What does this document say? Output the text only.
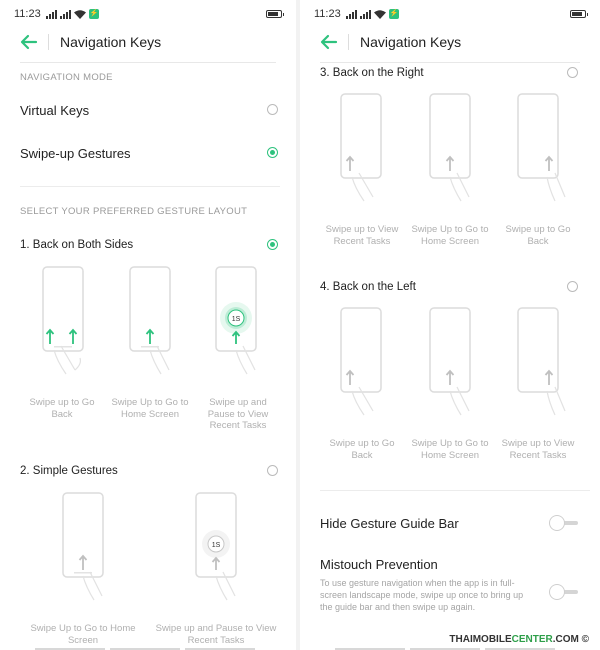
11:23	⚡
Navigation Keys
NAVIGATION MODE
Virtual Keys
Swipe-up Gestures
SELECT YOUR PREFERRED GESTURE LAYOUT
1. Back on Both Sides
1S
Swipe up to Go Back
Swipe Up to Go to Home Screen
Swipe up and Pause to View Recent Tasks
2. Simple Gestures
1S
Swipe Up to Go to Home Screen
Swipe up and Pause to View Recent Tasks
11:23	⚡
Navigation Keys
3. Back on the Right
Swipe up to View Recent Tasks
Swipe Up to Go to Home Screen
Swipe up to Go Back
4. Back on the Left
Swipe up to Go Back
Swipe Up to Go to Home Screen
Swipe up to View Recent Tasks
Hide Gesture Guide Bar
Mistouch Prevention
To use gesture navigation when the app is in full-screen landscape mode, swipe up once to bring up the guide bar and then swipe up again.
THAIMOBILECENTER.COM ©
